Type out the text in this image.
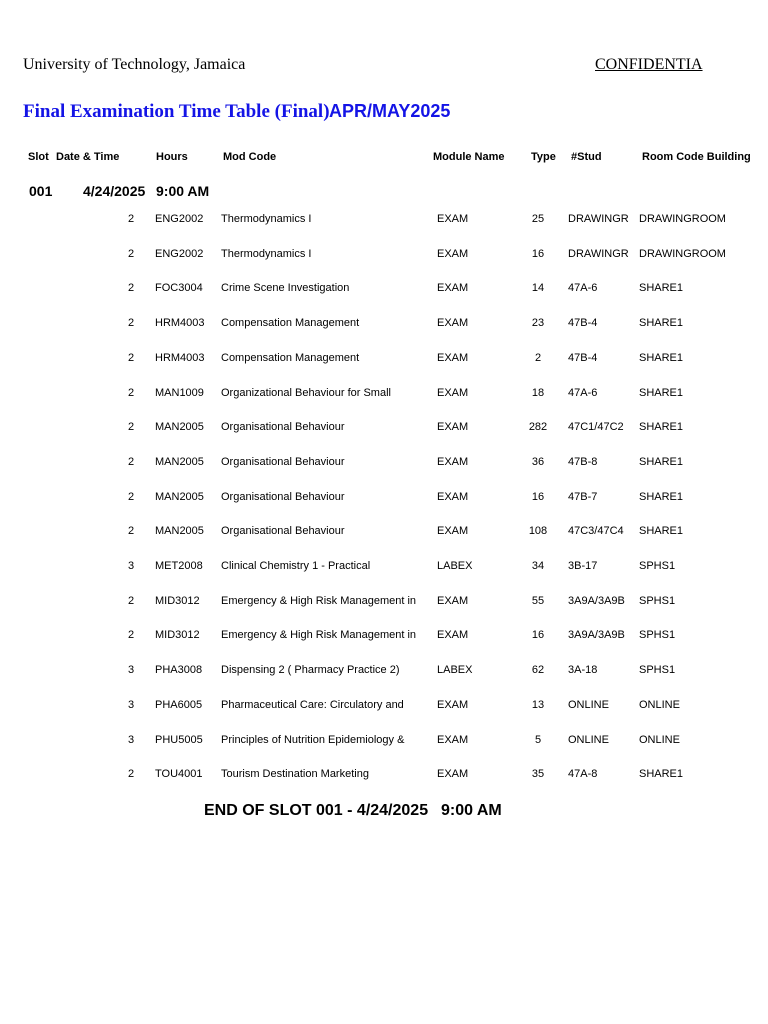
University of Technology, Jamaica	CONFIDENTIA
Final Examination Time Table (Final) APR/MAY2025
Slot Date & Time	Hours	Mod Code	Module Name Type #Stud	Room Code Building
001 4/24/2025 9:00 AM
2 ENG2002 Thermodynamics I	EXAM	25	DRAWINGR DRAWINGROOM
2 ENG2002 Thermodynamics I	EXAM	16	DRAWINGR DRAWINGROOM
2 FOC3004 Crime Scene Investigation	EXAM	14	47A-6	SHARE1
2 HRM4003 Compensation Management	EXAM	23	47B-4	SHARE1
2 HRM4003 Compensation Management	EXAM	2	47B-4	SHARE1
2 MAN1009 Organizational Behaviour for Small	EXAM	18	47A-6	SHARE1
2 MAN2005 Organisational Behaviour	EXAM	282	47C1/47C2 SHARE1
2 MAN2005 Organisational Behaviour	EXAM	36	47B-8	SHARE1
2 MAN2005 Organisational Behaviour	EXAM	16	47B-7	SHARE1
2 MAN2005 Organisational Behaviour	EXAM	108	47C3/47C4 SHARE1
3 MET2008 Clinical Chemistry 1 - Practical	LABEX	34	3B-17	SPHS1
2 MID3012 Emergency & High Risk Management in EXAM	55	3A9A/3A9B SPHS1
2 MID3012 Emergency & High Risk Management in EXAM	16	3A9A/3A9B SPHS1
3 PHA3008 Dispensing 2 ( Pharmacy Practice 2)	LABEX	62	3A-18	SPHS1
3 PHA6005 Pharmaceutical Care: Circulatory and	EXAM	13	ONLINE	ONLINE
3 PHU5005 Principles of Nutrition Epidemiology &	EXAM	5	ONLINE	ONLINE
2 TOU4001 Tourism Destination Marketing	EXAM	35	47A-8	SHARE1
END OF SLOT 001 - 4/24/2025 9:00 AM
